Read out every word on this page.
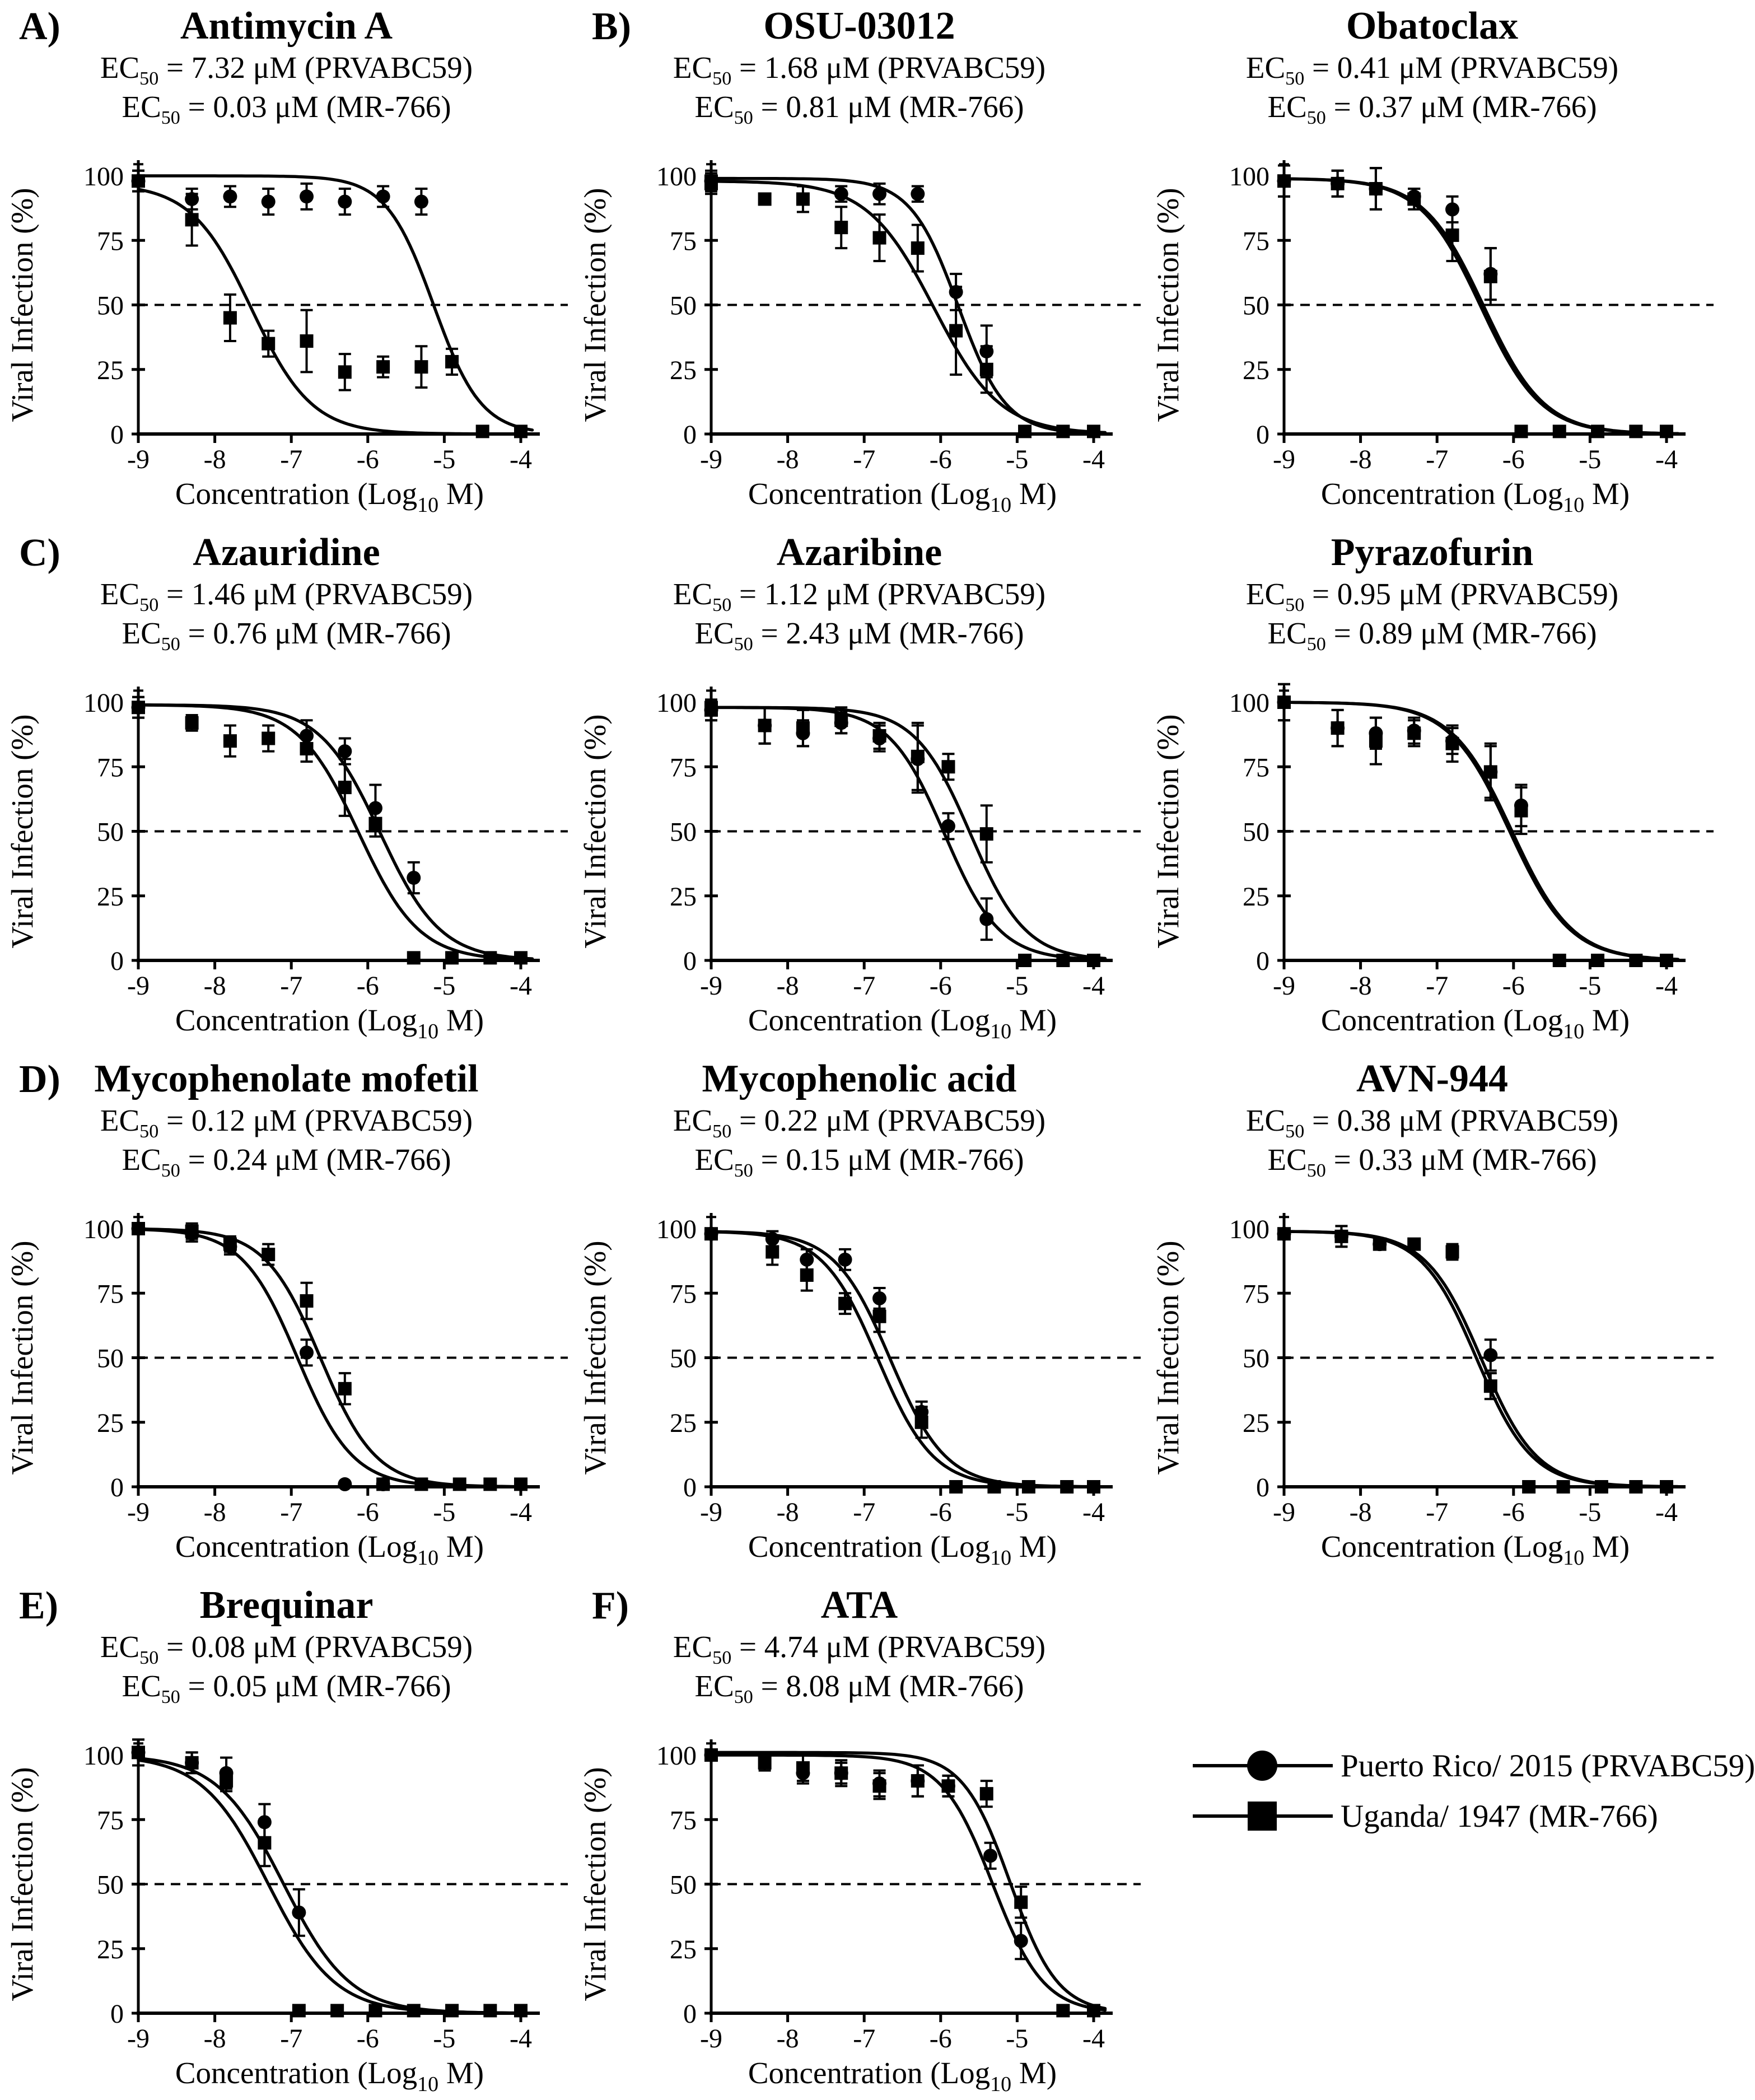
A)	Antimycin A
$EC_{50} = 7.32$ μM (PRVABC59)
$EC_{50} = 0.03$ μM (MR-766)
0
25
50
75
100
-9 -8 -7 -6 -5 -4
Concentration (Log$_{10}$ M)
Viral Infection (%)
B)	OSU-03012
$EC_{50} = 1.68$ μM (PRVABC59)
$EC_{50} = 0.81$ μM (MR-766)
0
25
50
75
100
-9 -8 -7 -6 -5 -4
Concentration (Log$_{10}$ M)
Viral Infection (%)
Obatoclax
$EC_{50} = 0.41$ μM (PRVABC59)
$EC_{50} = 0.37$ μM (MR-766)
0
25
50
75
100
-9 -8 -7 -6 -5 -4
Concentration (Log$_{10}$ M)
Viral Infection (%)
C)	Azauridine
$EC_{50} = 1.46$ μM (PRVABC59)
$EC_{50} = 0.76$ μM (MR-766)
0
25
50
75
100
-9 -8 -7 -6 -5 -4
Concentration (Log$_{10}$ M)
Viral Infection (%)
Azaribine
$EC_{50} = 1.12$ μM (PRVABC59)
$EC_{50} = 2.43$ μM (MR-766)
0
25
50
75
100
-9 -8 -7 -6 -5 -4
Concentration (Log$_{10}$ M)
Viral Infection (%)
Pyrazofurin
$EC_{50} = 0.95$ μM (PRVABC59)
$EC_{50} = 0.89$ μM (MR-766)
0
25
50
75
100
-9 -8 -7 -6 -5 -4
Concentration (Log$_{10}$ M)
Viral Infection (%)
D) Mycophenolate mofetil
$EC_{50} = 0.12$ μM (PRVABC59)
$EC_{50} = 0.24$ μM (MR-766)
0
25
50
75
100
-9 -8 -7 -6 -5 -4
Concentration (Log$_{10}$ M)
Viral Infection (%)
Mycophenolic acid
$EC_{50} = 0.22$ μM (PRVABC59)
$EC_{50} = 0.15$ μM (MR-766)
0
25
50
75
100
-9 -8 -7 -6 -5 -4
Concentration (Log$_{10}$ M)
Viral Infection (%)
AVN-944
$EC_{50} = 0.38$ μM (PRVABC59)
$EC_{50} = 0.33$ μM (MR-766)
0
25
50
75
100
-9 -8 -7 -6 -5 -4
Concentration (Log$_{10}$ M)
Viral Infection (%)
E)	Brequinar
$EC_{50} = 0.08$ μM (PRVABC59)
$EC_{50} = 0.05$ μM (MR-766)
0
25
50
75
100
-9 -8 -7 -6 -5 -4
Concentration (Log$_{10}$ M)
Viral Infection (%)
F)	ATA
$EC_{50} = 4.74$ μM (PRVABC59)
$EC_{50} = 8.08$ μM (MR-766)
0
25
50
75
100
-9 -8 -7 -6 -5 -4
Concentration (Log$_{10}$ M)
Viral Infection (%)
Puerto Rico/ 2015 (PRVABC59)
Uganda/ 1947 (MR-766)
